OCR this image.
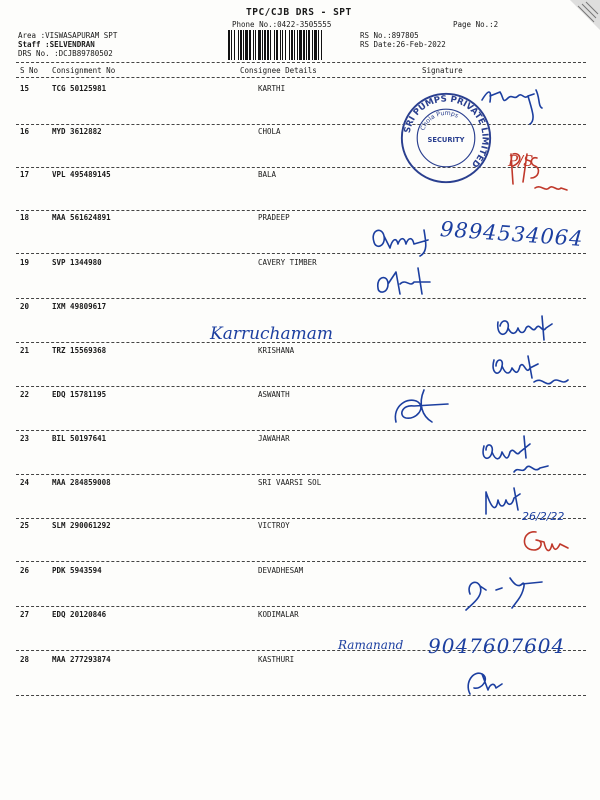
TPC/CJB DRS - SPT
Phone No.:0422-3505555	Page No.:2
Area :VISWASAPURAM SPT
Staff :SELVENDRAN
DRS No. :DCJB89780502
RS No.:897805
RS Date:26-Feb-2022
S No Consignment No	Consignee Details	Signature
15	TCG 50125981	KARTHI
16	MYD 3612882	CHOLA
17	VPL 495489145	BALA
18	MAA 561624891	PRADEEP
19	SVP 1344980	CAVERY TIMBER
20	IXM 49809617
21	TRZ 15569368	KRISHANA
22	EDQ 15781195	ASWANTH
23	BIL 50197641	JAWAHAR
24	MAA 284859008	SRI VAARSI SOL
25	SLM 290061292	VICTROY
26	PDK 5943594	DEVADHESAM
27	EDQ 20120846	KODIMALAR
28	MAA 277293874	KASTHURI
SRI PUMPS PRIVATE LIMITED
Chola Pumps
SECURITY
26/2/22
9894534064
9047607604
Karruchamam
Ramanand
P/S
